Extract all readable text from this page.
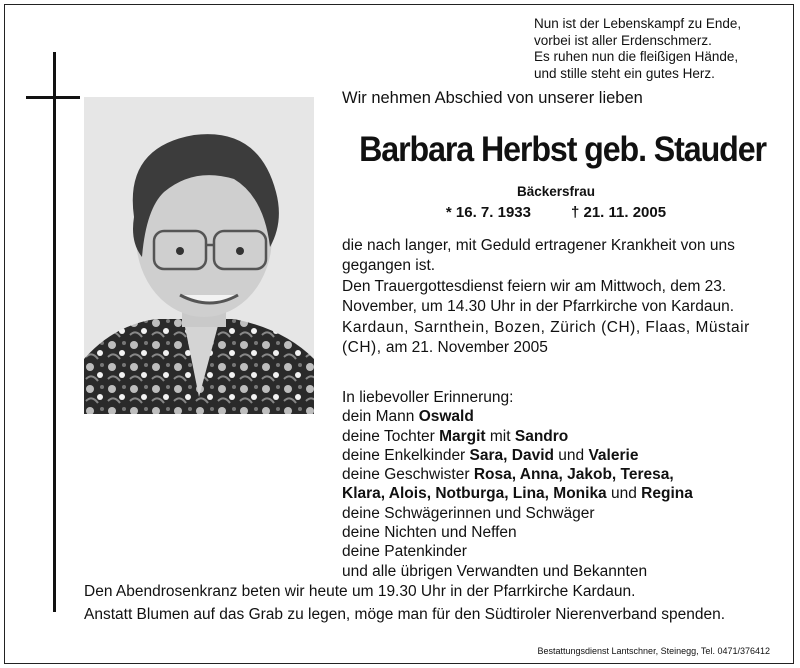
Nun ist der Lebenskampf zu Ende,
vorbei ist aller Erdenschmerz.
Es ruhen nun die fleißigen Hände,
und stille steht ein gutes Herz.
Wir nehmen Abschied von unserer lieben
Barbara Herbst geb. Stauder
Bäckersfrau
* 16. 7. 1933	† 21. 11. 2005

die nach langer, mit Geduld ertragener Krankheit von uns gegangen ist.

Den Trauergottesdienst feiern wir am Mittwoch, dem 23. November, um 14.30 Uhr in der Pfarrkirche von Kardaun.

Kardaun, Sarnthein, Bozen, Zürich (CH), Flaas, Müstair (CH), am 21. November 2005

In liebevoller Erinnerung:
dein Mann Oswald
deine Tochter Margit mit Sandro
deine Enkelkinder Sara, David und Valerie
deine Geschwister Rosa, Anna, Jakob, Teresa,
Klara, Alois, Notburga, Lina, Monika und Regina
deine Schwägerinnen und Schwäger
deine Nichten und Neffen
deine Patenkinder
und alle übrigen Verwandten und Bekannten

Den Abendrosenkranz beten wir heute um 19.30 Uhr in der Pfarrkirche Kardaun.

Anstatt Blumen auf das Grab zu legen, möge man für den Südtiroler Nierenverband spenden.

Bestattungsdienst Lantschner, Steinegg, Tel. 0471/376412
